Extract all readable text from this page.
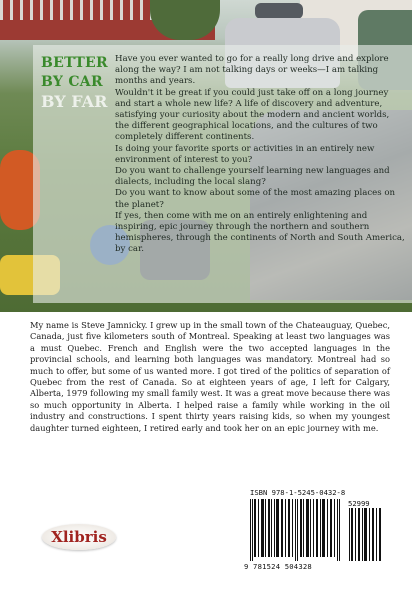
BETTER
BY CAR
BY FAR

Have you ever wanted to go for a really long drive and explore along the way? I am not talking days or weeks—I am talking months and years.

Wouldn't it be great if you could just take off on a long journey and start a whole new life? A life of discovery and adventure, satisfying your curiosity about the modern and ancient worlds, the different geographical locations, and the cultures of two completely different continents.

Is doing your favorite sports or activities in an entirely new environment of interest to you?

Do you want to challenge yourself learning new languages and dialects, including the local slang?

Do you want to know about some of the most amazing places on the planet?

If yes, then come with me on an entirely enlightening and inspiring, epic journey through the northern and southern hemispheres, through the continents of North and South America, by car.

My name is Steve Jamnicky. I grew up in the small town of the Chateauguay, Quebec, Canada, just five kilometers south of Montreal. Speaking at least two languages was a must Quebec. French and English were the two accepted languages in the provincial schools, and learning both languages was mandatory. Montreal had so much to offer, but some of us wanted more. I got tired of the politics of separation of Quebec from the rest of Canada. So at eighteen years of age, I left for Calgary, Alberta, 1979 following my small family west. It was a great move because there was so much opportunity in Alberta. I helped raise a family while working in the oil industry and constructions. I spent thirty years raising kids, so when my youngest daughter turned eighteen, I retired early and took her on an epic journey with me.
Xlibris
ISBN 978-1-5245-0432-8
52999
9 781524 504328
